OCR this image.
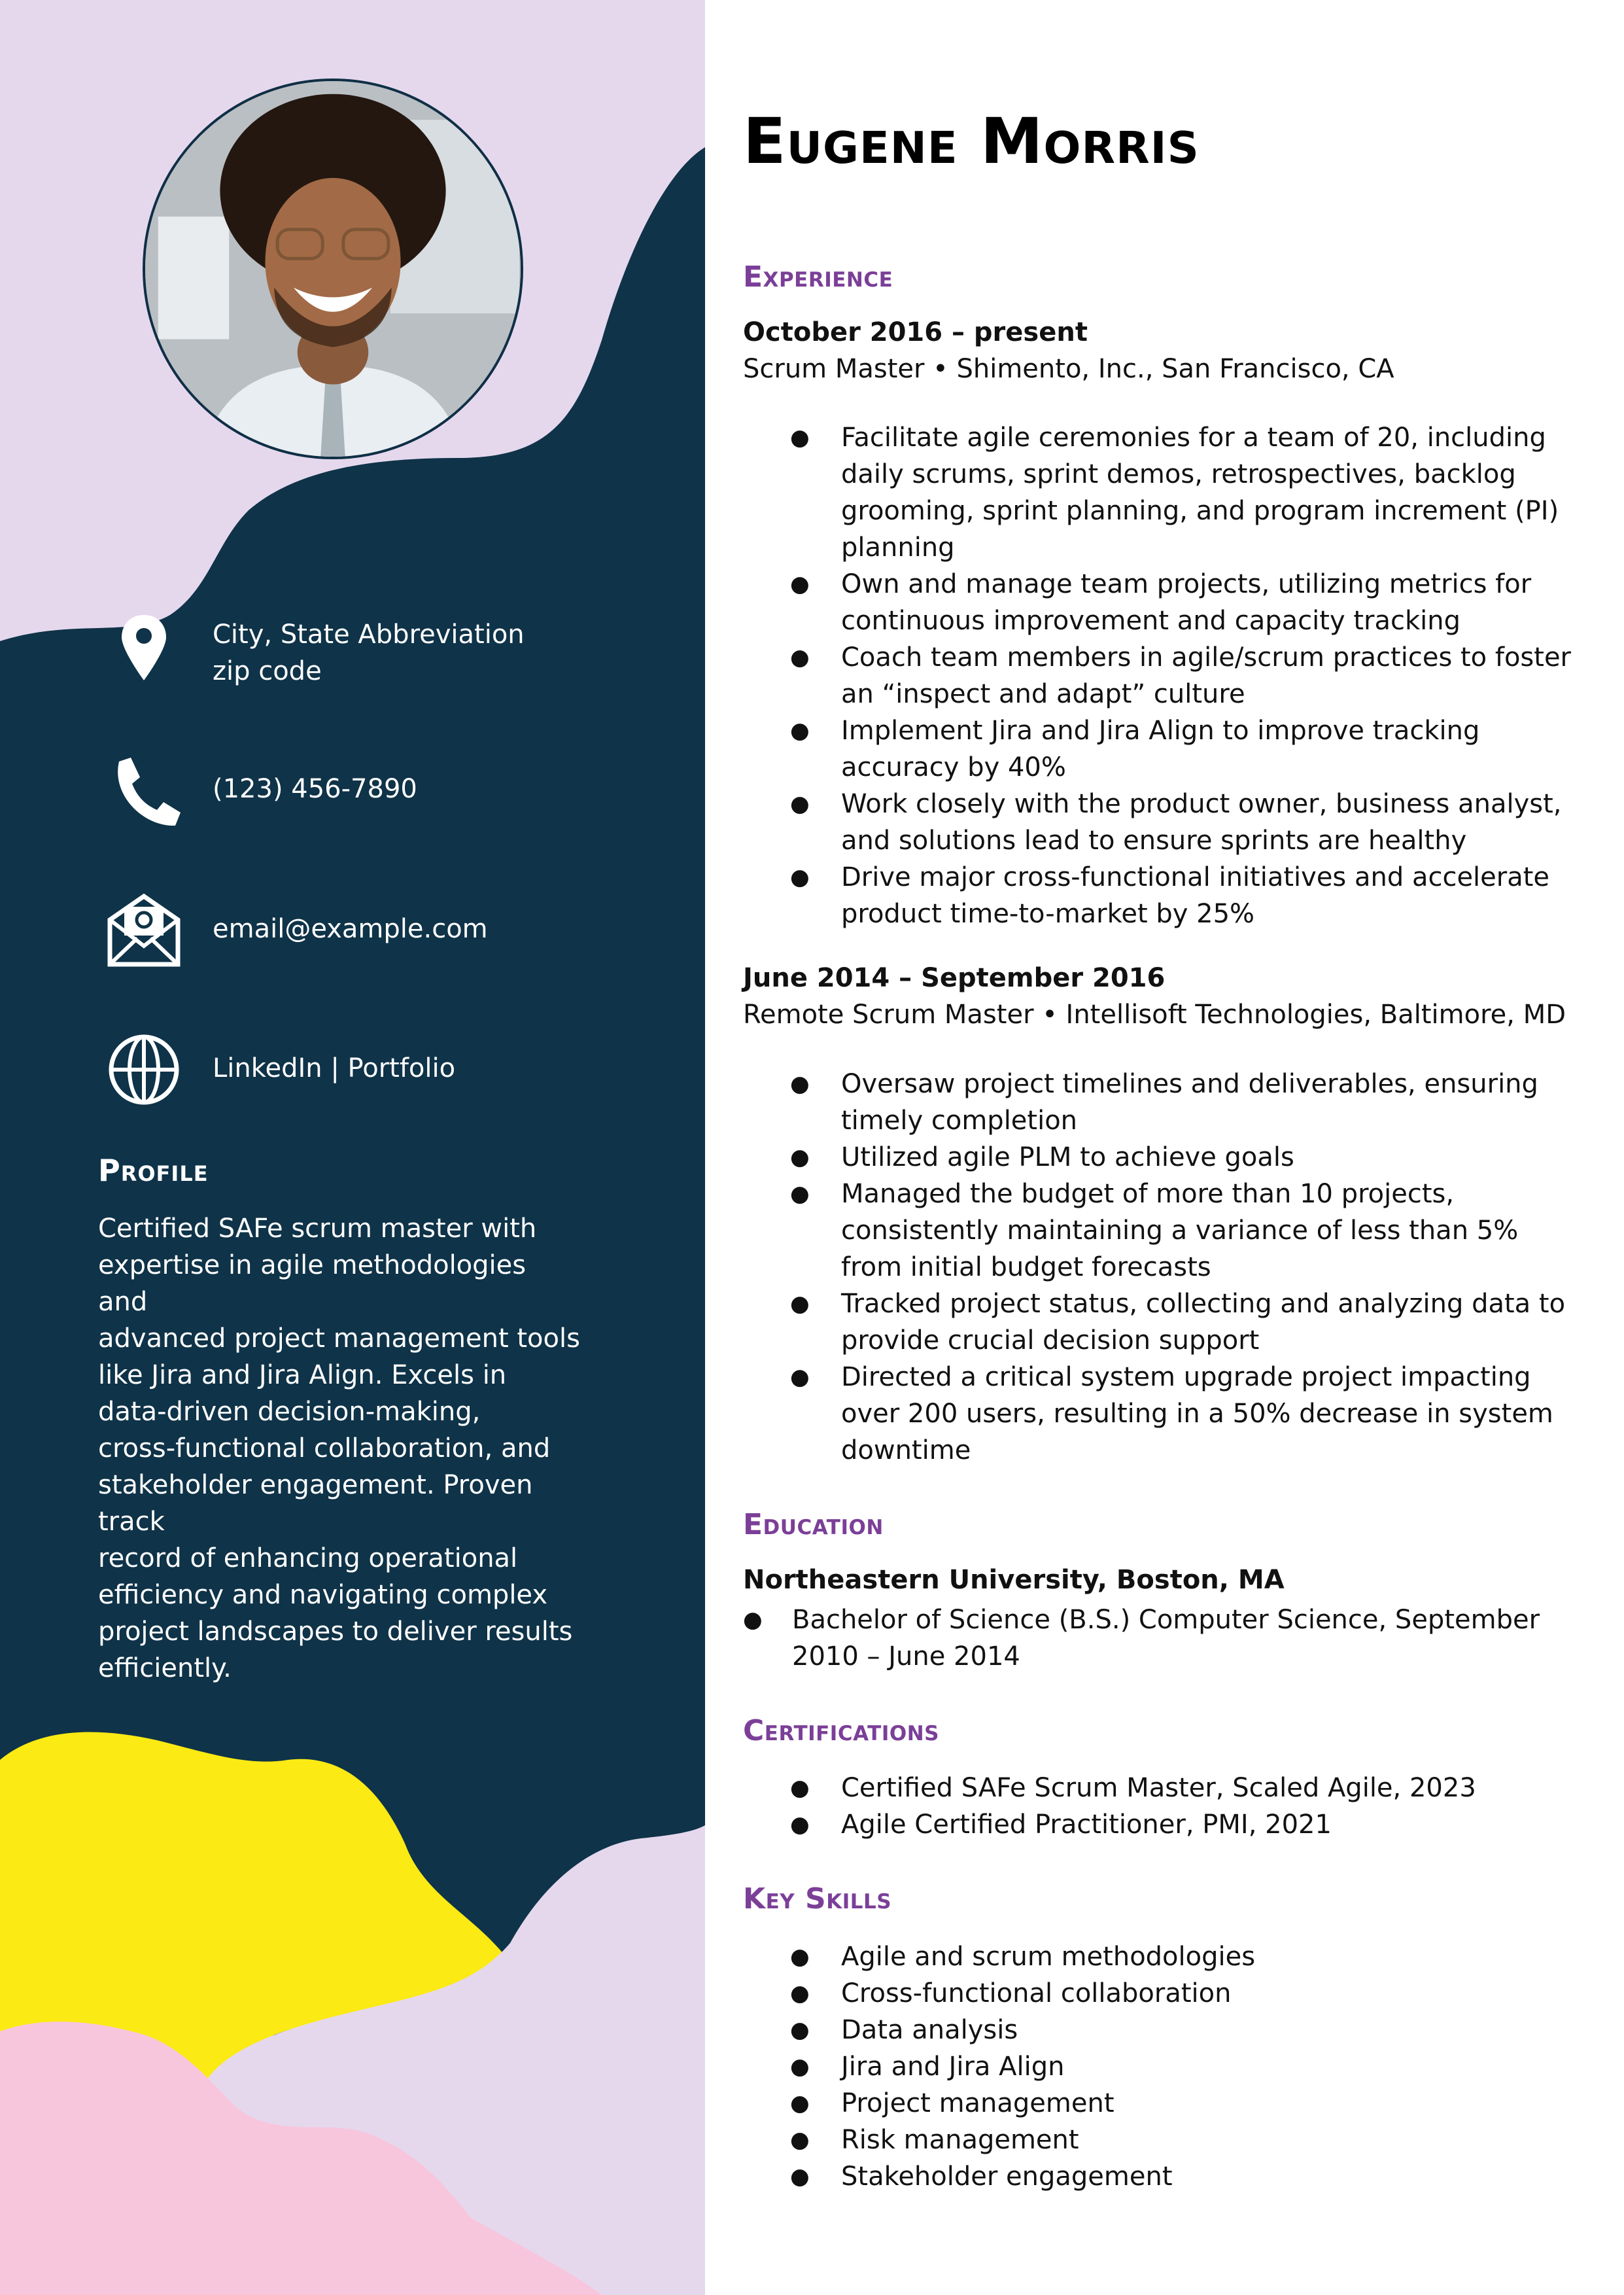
City, State Abbreviation
zip code
(123) 456-7890
email@example.com
LinkedIn | Portfolio
Profile
Certified SAFe scrum master with
expertise in agile methodologies and
advanced project management tools
like Jira and Jira Align. Excels in
data-driven decision-making,
cross-functional collaboration, and
stakeholder engagement. Proven track
record of enhancing operational
efficiency and navigating complex
project landscapes to deliver results
efficiently.
Eugene Morris
Experience
October 2016 – present
Scrum Master • Shimento, Inc., San Francisco, CA
● Facilitate agile ceremonies for a team of 20, including
daily scrums, sprint demos, retrospectives, backlog
grooming, sprint planning, and program increment (PI)
planning
● Own and manage team projects, utilizing metrics for
continuous improvement and capacity tracking
● Coach team members in agile/scrum practices to foster
an “inspect and adapt” culture
● Implement Jira and Jira Align to improve tracking
accuracy by 40%
● Work closely with the product owner, business analyst,
and solutions lead to ensure sprints are healthy
● Drive major cross-functional initiatives and accelerate
product time-to-market by 25%
June 2014 – September 2016
Remote Scrum Master • Intellisoft Technologies, Baltimore, MD
● Oversaw project timelines and deliverables, ensuring
timely completion
● Utilized agile PLM to achieve goals
● Managed the budget of more than 10 projects,
consistently maintaining a variance of less than 5%
from initial budget forecasts
● Tracked project status, collecting and analyzing data to
provide crucial decision support
● Directed a critical system upgrade project impacting
over 200 users, resulting in a 50% decrease in system
downtime
Education
Northeastern University, Boston, MA
● Bachelor of Science (B.S.) Computer Science, September
2010 – June 2014
Certifications
● Certified SAFe Scrum Master, Scaled Agile, 2023
● Agile Certified Practitioner, PMI, 2021
Key Skills
● Agile and scrum methodologies
● Cross-functional collaboration
● Data analysis
● Jira and Jira Align
● Project management
● Risk management
● Stakeholder engagement
